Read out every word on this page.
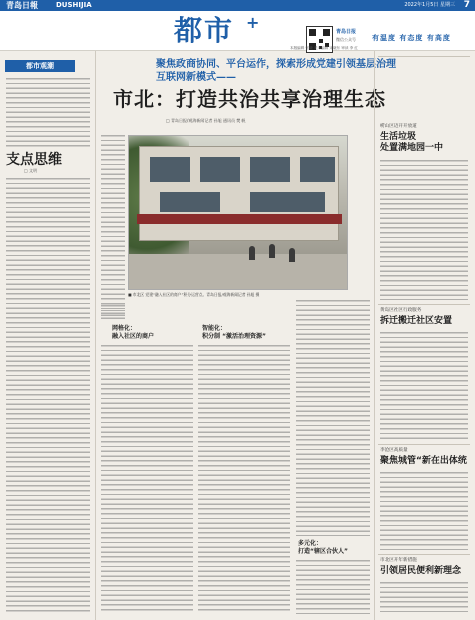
青岛日報	DUSHIJIA	2022年1月5日 星期三 7
都市 +	青岛日报
微信公众号 有温度 有态度 有高度
本版编辑 张晓 美术编辑 宋晓东 审读 李 红
都市观潮
支点思维
□ 文明
聚焦政商协同、平台运作，探索形成党建引领基层治理
互联网新模式——
市北：打造共治共享治理生态
□ 青岛日报/观海新闻记者 孙旭 通讯员 樊 帆
■ 市北区 党建“融入社区的商户”积分运营点。青岛日报/观海新闻记者 孙旭 摄
网格化：
融入社区的商户
智能化：
积分制 “激活治理资源”
多元化：
打造“辖区合伙人”
崂山区迈开开放道
生活垃圾
处置满地园一中
黄岛区社区行政服务
拆迁搬迁社区安置
李沧区高质量
聚焦城管“新在出体统
市北区开年新措施
引领居民便利新理念
